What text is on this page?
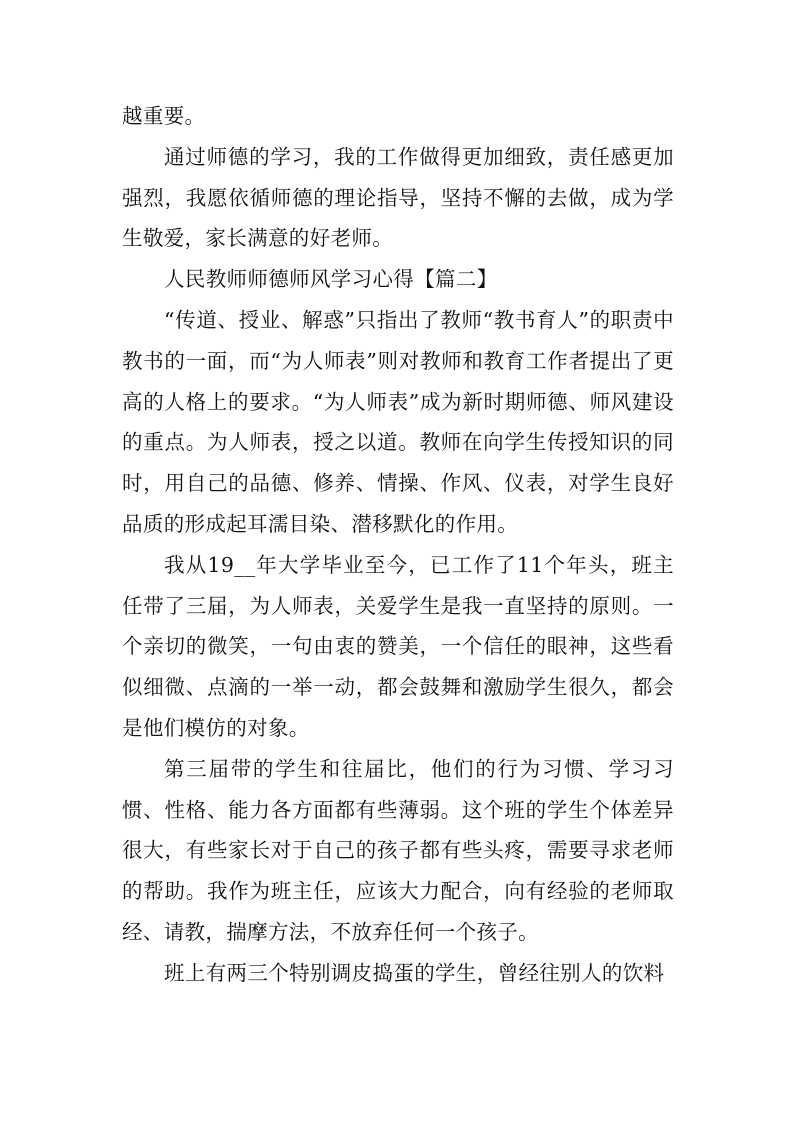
越重要。

通过师德的学习，我的工作做得更加细致，责任感更加强烈，我愿依循师德的理论指导，坚持不懈的去做，成为学生敬爱，家长满意的好老师。

人民教师师德师风学习心得【篇二】

“传道、授业、解惑”只指出了教师“教书育人”的职责中教书的一面，而“为人师表”则对教师和教育工作者提出了更高的人格上的要求。“为人师表”成为新时期师德、师风建设的重点。为人师表，授之以道。教师在向学生传授知识的同时，用自己的品德、修养、情操、作风、仪表，对学生良好品质的形成起耳濡目染、潜移默化的作用。

我从19__年大学毕业至今，已工作了11个年头，班主任带了三届，为人师表，关爱学生是我一直坚持的原则。一个亲切的微笑，一句由衷的赞美，一个信任的眼神，这些看似细微、点滴的一举一动，都会鼓舞和激励学生很久，都会是他们模仿的对象。

第三届带的学生和往届比，他们的行为习惯、学习习惯、性格、能力各方面都有些薄弱。这个班的学生个体差异很大，有些家长对于自己的孩子都有些头疼，需要寻求老师的帮助。我作为班主任，应该大力配合，向有经验的老师取经、请教，揣摩方法，不放弃任何一个孩子。

班上有两三个特别调皮捣蛋的学生，曾经往别人的饮料
